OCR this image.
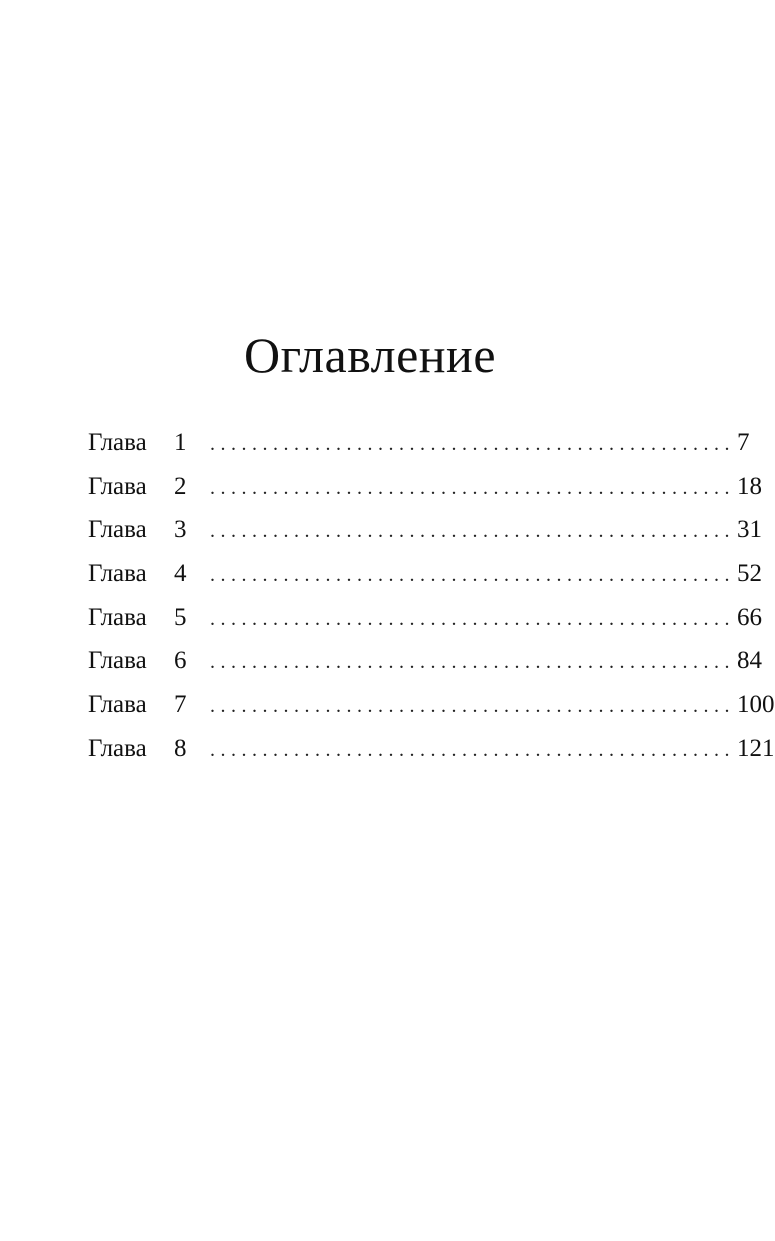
Оглавление
Глава	1	.................................................. 7
Глава	2	.................................................. 18
Глава	3	.................................................. 31
Глава	4	.................................................. 52
Глава	5	.................................................. 66
Глава	6	.................................................. 84
Глава	7	.................................................. 100
Глава	8	.................................................. 121
